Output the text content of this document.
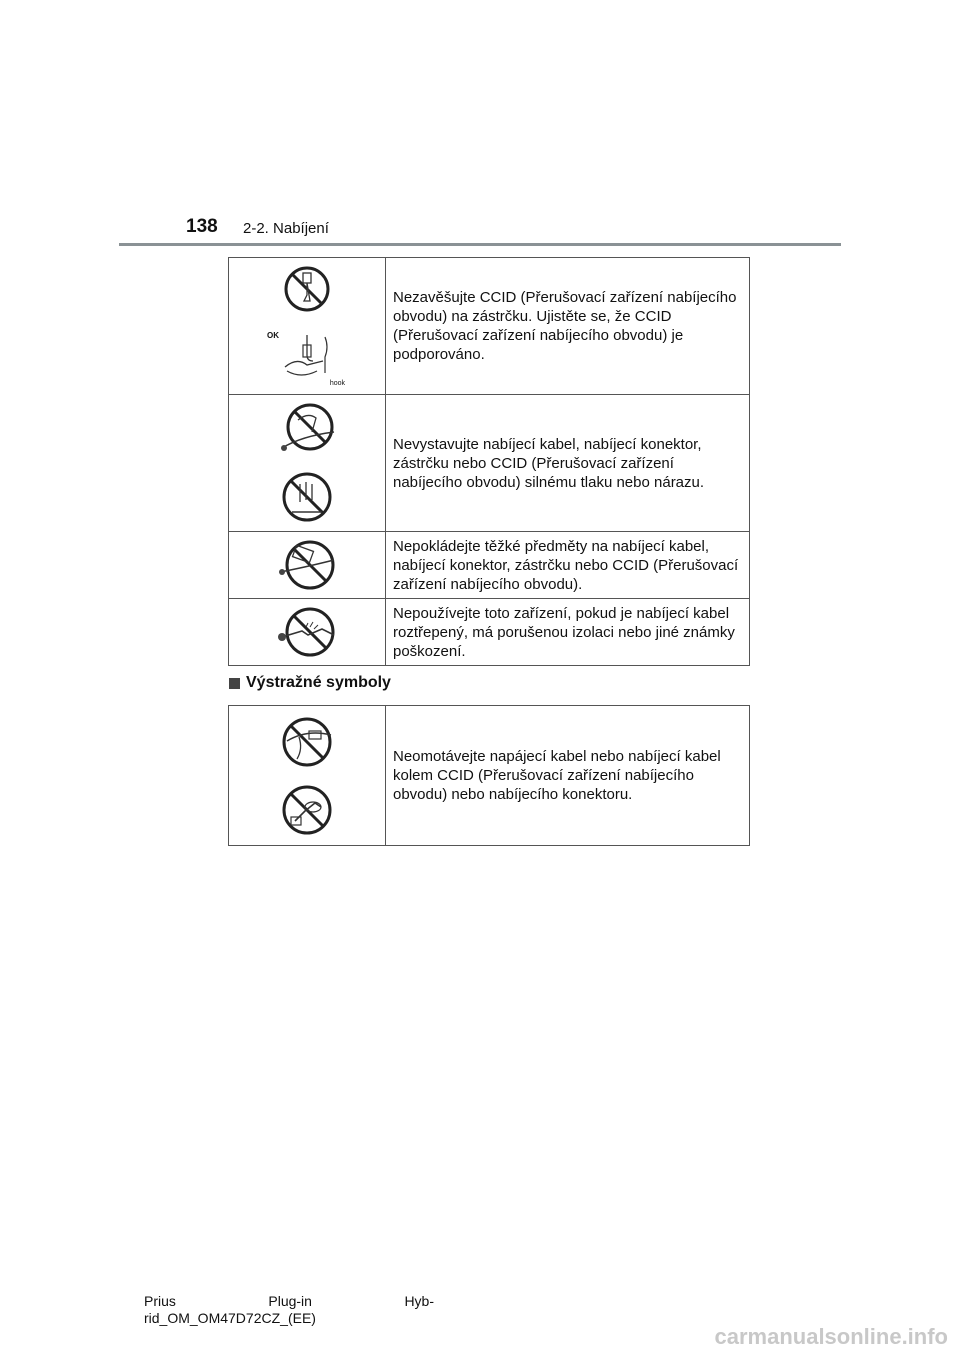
138 2-2. Nabíjení
OK
hook	Nezavěšujte CCID (Přerušovací zařízení nabíjecího obvodu) na zástrčku. Ujistěte se, že CCID (Přerušovací zařízení nabíjecího obvodu) je podporováno.

	Nevystavujte nabíjecí kabel, nabíjecí konektor, zástrčku nebo CCID (Přerušovací zařízení nabíjecího obvodu) silnému tlaku nebo nárazu.

	Nepokládejte těžké předměty na nabíjecí kabel, nabíjecí konektor, zástrčku nebo CCID (Přerušovací zařízení nabíjecího obvodu).

	Nepoužívejte toto zařízení, pokud je nabíjecí kabel roztřepený, má porušenou izolaci nebo jiné známky poškození.
Výstražné symboly
	Neomotávejte napájecí kabel nebo nabíjecí kabel kolem CCID (Přerušovací zařízení nabíjecího obvodu) nebo nabíjecího konektoru.
Prius	Plug-in	Hyb-
rid_OM_OM47D72CZ_(EE)
carmanualsonline.info
